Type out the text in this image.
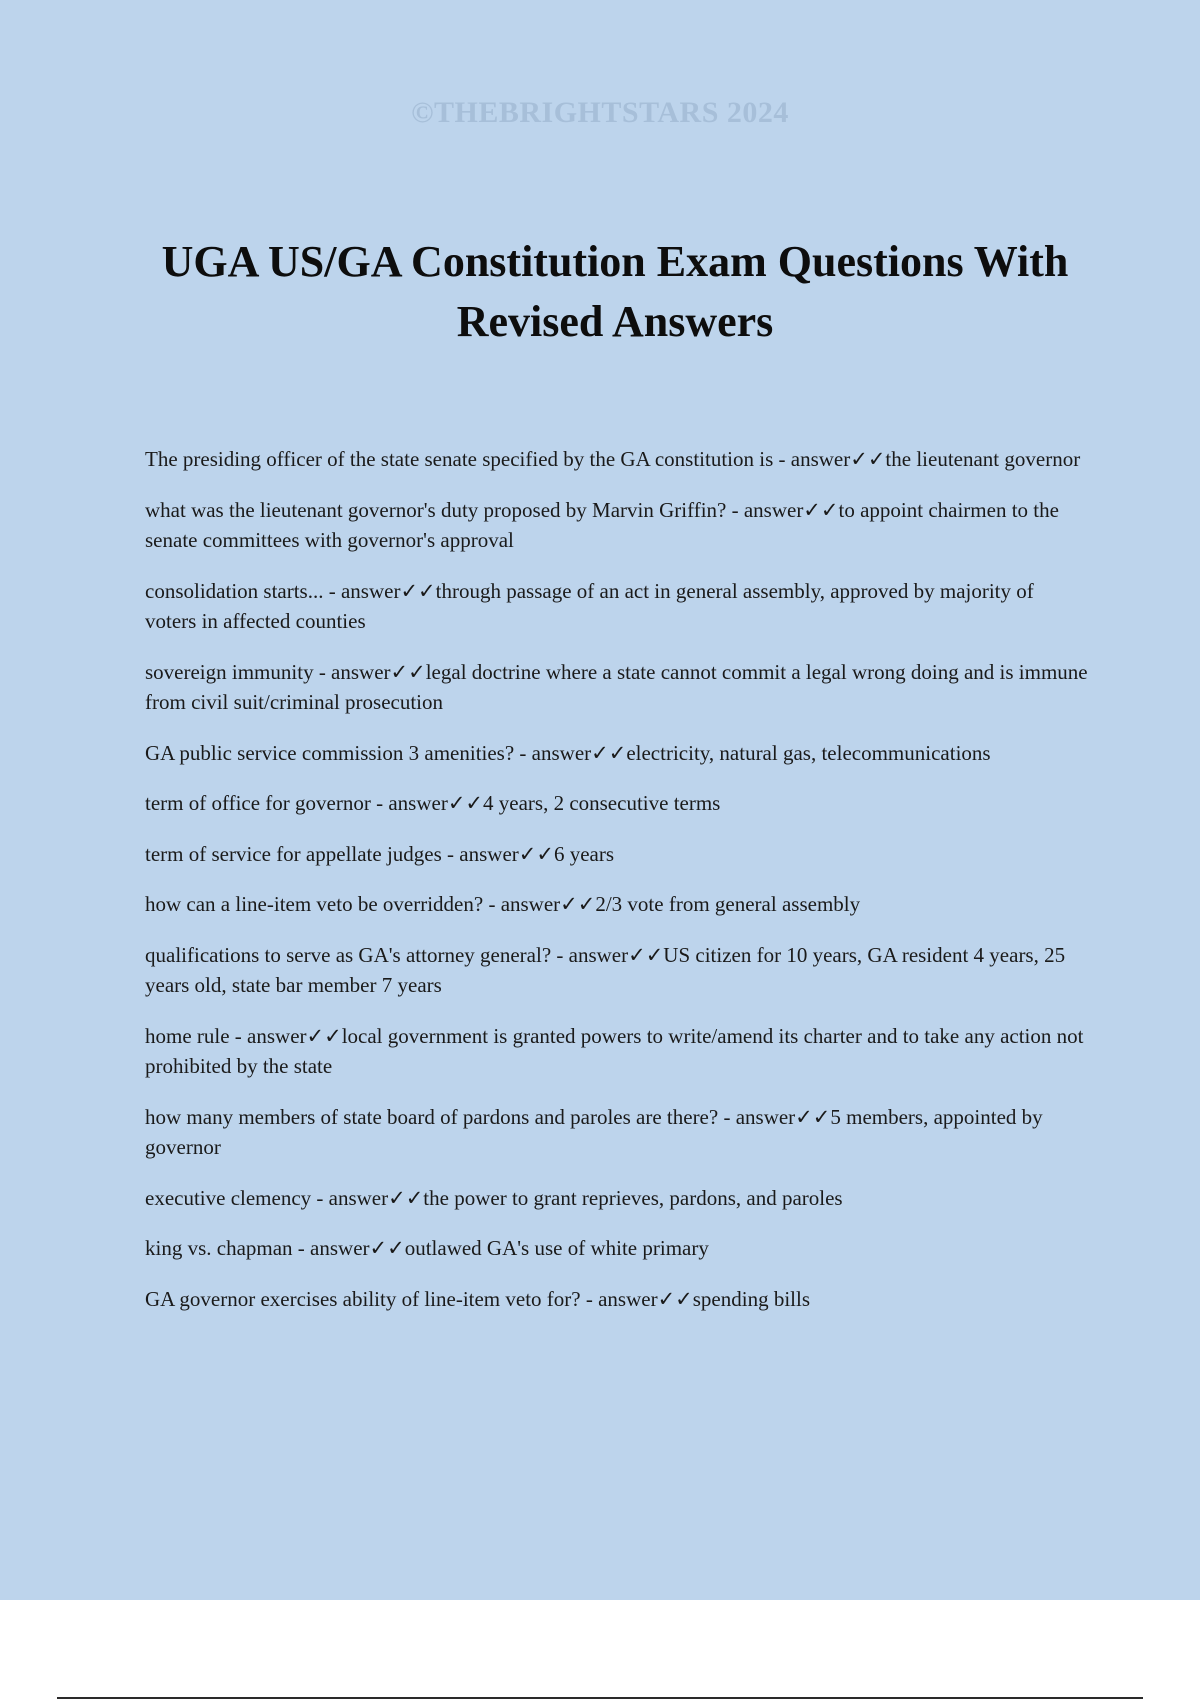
©THEBRIGHTSTARS 2024
UGA US/GA Constitution Exam Questions With Revised Answers
The presiding officer of the state senate specified by the GA constitution is - answer✓✓the lieutenant governor
what was the lieutenant governor's duty proposed by Marvin Griffin? - answer✓✓to appoint chairmen to the senate committees with governor's approval
consolidation starts... - answer✓✓through passage of an act in general assembly, approved by majority of voters in affected counties
sovereign immunity - answer✓✓legal doctrine where a state cannot commit a legal wrong doing and is immune from civil suit/criminal prosecution
GA public service commission 3 amenities? - answer✓✓electricity, natural gas, telecommunications
term of office for governor - answer✓✓4 years, 2 consecutive terms
term of service for appellate judges - answer✓✓6 years
how can a line-item veto be overridden? - answer✓✓2/3 vote from general assembly
qualifications to serve as GA's attorney general? - answer✓✓US citizen for 10 years, GA resident 4 years, 25 years old, state bar member 7 years
home rule - answer✓✓local government is granted powers to write/amend its charter and to take any action not prohibited by the state
how many members of state board of pardons and paroles are there? - answer✓✓5 members, appointed by governor
executive clemency - answer✓✓the power to grant reprieves, pardons, and paroles
king vs. chapman - answer✓✓outlawed GA's use of white primary
GA governor exercises ability of line-item veto for? - answer✓✓spending bills
